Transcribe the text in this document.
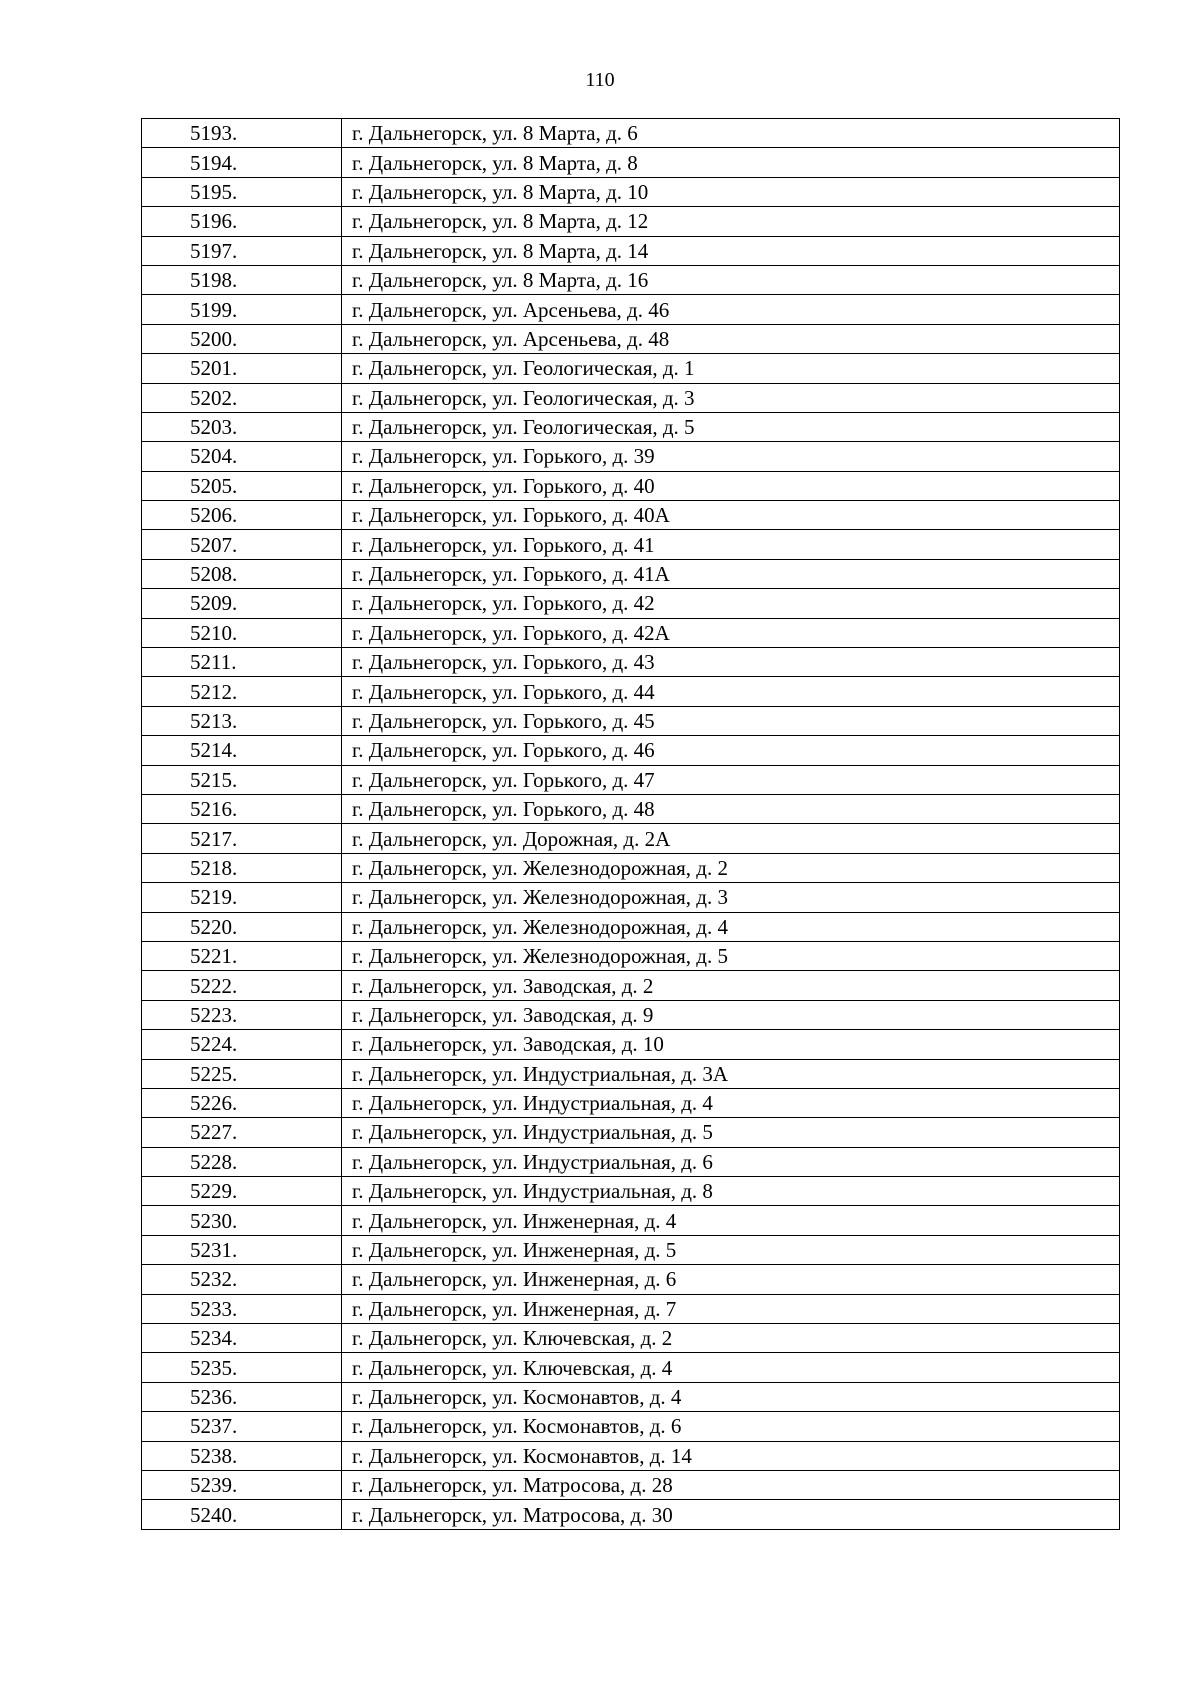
110
5193.	г. Дальнегорск, ул. 8 Марта, д. 6
5194.	г. Дальнегорск, ул. 8 Марта, д. 8
5195.	г. Дальнегорск, ул. 8 Марта, д. 10
5196.	г. Дальнегорск, ул. 8 Марта, д. 12
5197.	г. Дальнегорск, ул. 8 Марта, д. 14
5198.	г. Дальнегорск, ул. 8 Марта, д. 16
5199.	г. Дальнегорск, ул. Арсеньева, д. 46
5200.	г. Дальнегорск, ул. Арсеньева, д. 48
5201.	г. Дальнегорск, ул. Геологическая, д. 1
5202.	г. Дальнегорск, ул. Геологическая, д. 3
5203.	г. Дальнегорск, ул. Геологическая, д. 5
5204.	г. Дальнегорск, ул. Горького, д. 39
5205.	г. Дальнегорск, ул. Горького, д. 40
5206.	г. Дальнегорск, ул. Горького, д. 40А
5207.	г. Дальнегорск, ул. Горького, д. 41
5208.	г. Дальнегорск, ул. Горького, д. 41А
5209.	г. Дальнегорск, ул. Горького, д. 42
5210.	г. Дальнегорск, ул. Горького, д. 42А
5211.	г. Дальнегорск, ул. Горького, д. 43
5212.	г. Дальнегорск, ул. Горького, д. 44
5213.	г. Дальнегорск, ул. Горького, д. 45
5214.	г. Дальнегорск, ул. Горького, д. 46
5215.	г. Дальнегорск, ул. Горького, д. 47
5216.	г. Дальнегорск, ул. Горького, д. 48
5217.	г. Дальнегорск, ул. Дорожная, д. 2А
5218.	г. Дальнегорск, ул. Железнодорожная, д. 2
5219.	г. Дальнегорск, ул. Железнодорожная, д. 3
5220.	г. Дальнегорск, ул. Железнодорожная, д. 4
5221.	г. Дальнегорск, ул. Железнодорожная, д. 5
5222.	г. Дальнегорск, ул. Заводская, д. 2
5223.	г. Дальнегорск, ул. Заводская, д. 9
5224.	г. Дальнегорск, ул. Заводская, д. 10
5225.	г. Дальнегорск, ул. Индустриальная, д. 3А
5226.	г. Дальнегорск, ул. Индустриальная, д. 4
5227.	г. Дальнегорск, ул. Индустриальная, д. 5
5228.	г. Дальнегорск, ул. Индустриальная, д. 6
5229.	г. Дальнегорск, ул. Индустриальная, д. 8
5230.	г. Дальнегорск, ул. Инженерная, д. 4
5231.	г. Дальнегорск, ул. Инженерная, д. 5
5232.	г. Дальнегорск, ул. Инженерная, д. 6
5233.	г. Дальнегорск, ул. Инженерная, д. 7
5234.	г. Дальнегорск, ул. Ключевская, д. 2
5235.	г. Дальнегорск, ул. Ключевская, д. 4
5236.	г. Дальнегорск, ул. Космонавтов, д. 4
5237.	г. Дальнегорск, ул. Космонавтов, д. 6
5238.	г. Дальнегорск, ул. Космонавтов, д. 14
5239.	г. Дальнегорск, ул. Матросова, д. 28
5240.	г. Дальнегорск, ул. Матросова, д. 30
